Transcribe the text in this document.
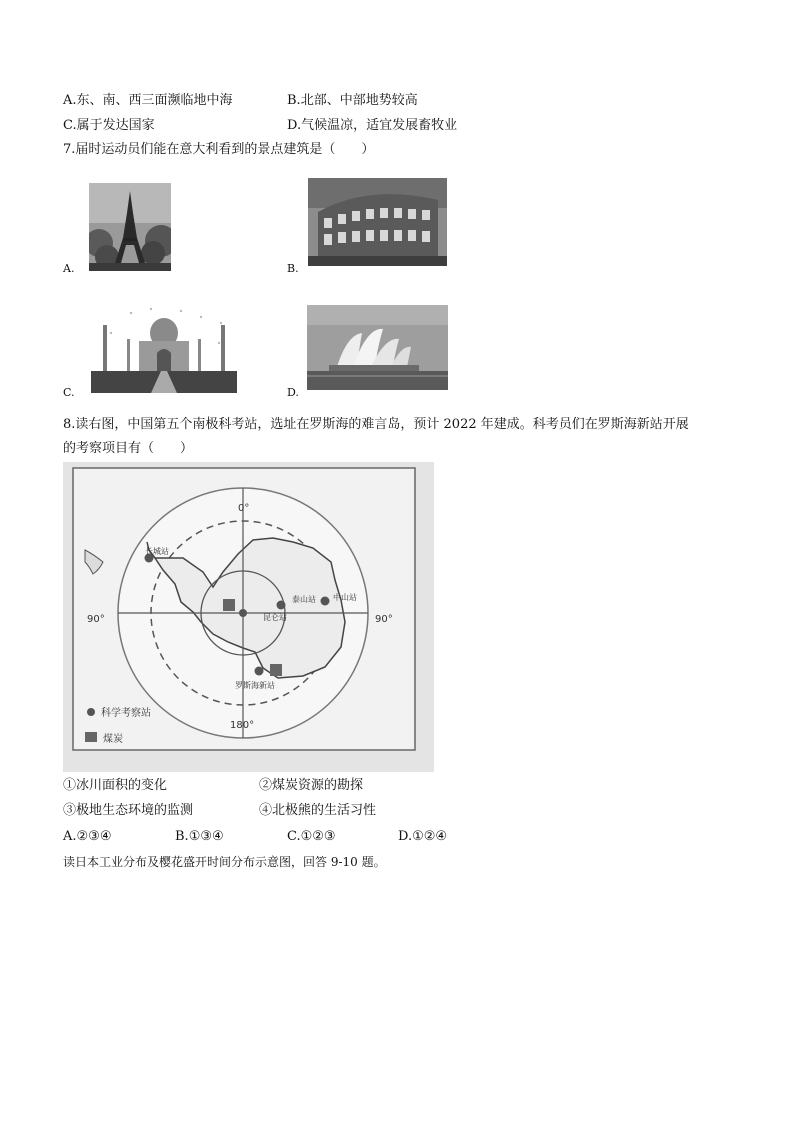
A.东、南、西三面濒临地中海	B.北部、中部地势较高
C.属于发达国家	D.气候温凉，适宜发展畜牧业
7.届时运动员们能在意大利看到的景点建筑是（　　）
A.	B.
C.	D.
8.读右图，中国第五个南极科考站，选址在罗斯海的难言岛，预计 2022 年建成。科考员们在罗斯海新站开展
的考察项目有（　　）
0°
90°	90°
180°
长城站
泰山站 中山站
昆仑站
罗斯海新站
科学考察站
煤炭
①冰川面积的变化	②煤炭资源的勘探
③极地生态环境的监测	④北极熊的生活习性
A.②③④	B.①③④	C.①②③	D.①②④
读日本工业分布及樱花盛开时间分布示意图，回答 9-10 题。
